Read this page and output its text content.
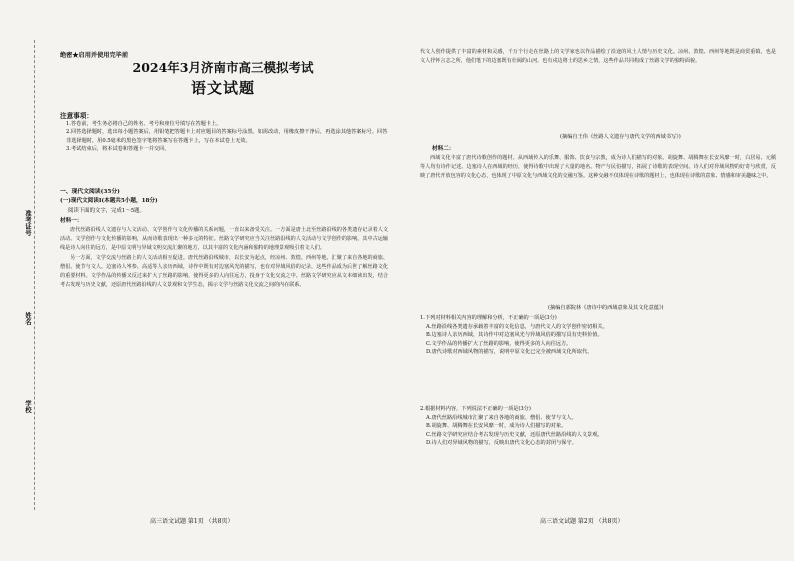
准考证号
姓名
学校
绝密★启用并使用完毕前
2024年3月济南市高三模拟考试
语文试题
注意事项：

1.答卷前，考生务必将自己的姓名、考号和座位号填写在答题卡上。

2.回答选择题时，选出每小题答案后，用铅笔把答题卡上对应题目的答案标号涂黑。如需改动，用橡皮擦干净后，再选涂其他答案标号。回答非选择题时，用0.5毫米的黑色签字笔将答案写在答题卡上，写在本试卷上无效。

3.考试结束后，将本试卷和答题卡一并交回。

一、现代文阅读(35分)
(一)现代文阅读Ⅰ(本题共5小题，18分)
阅读下面的文字，完成1～5题。
材料一：
唐代丝路沿线人文遗存与人文活动、文学创作与文化传播的关系问题，一直以来备受关注。一方面是唐土北至丝路沿线的各类遗存记录着人文活动、文学创作与文化传播的影响，从而诗歌表现出一种多元的特征。丝路文学研究应当关注丝路沿线的人文活动与文学创作的影响。其中古运输线是诗人向往的远方，是中原文明与异域文明交流汇聚的地方，以其丰富的文化内涵和独特的地理景观吸引着文人们。
另一方面，文学交流与丝路上的人文活动相互促进。唐代丝路沿线城市，以长安为起点，经凉州、敦煌、西州等地，汇聚了来自各地的商旅、僧侣、使节与文人。边塞诗人岑参、高适等人亲历西域，诗作中既有对边塞风光的描写，也有对异域风俗的记录，这些作品成为后世了解丝路文化的重要材料。文学作品的传播又反过来扩大了丝路的影响，使得更多的人向往远方，投身于文化交流之中。丝路文学研究应从文本细读出发，结合考古发现与历史文献，还原唐代丝路沿线的人文景观和文学生态，揭示文学与丝路文化交流之间的内在联系。
代文人创作提供了丰富的素材和灵感，千万个行走在丝路上的文学家也以作品描绘了沿途的风土人情与历史文化。凉州、敦煌、西州等地既是商贸重镇，也是文人抒怀言志之所，他们笔下的边塞既有壮阔的山河，也有戍边将士的思乡之情，这些作品共同构成了丝路文学的独特面貌。
(摘编自王伟《丝路人文遗存与唐代文学的西域书写》)
材料二：
西域文化丰富了唐代诗歌创作的题材。从西域传入的乐舞、服饰、饮食与宗教，成为诗人们描写的对象。胡旋舞、胡腾舞在长安风靡一时，白居易、元稹等人均有诗作记述。边塞诗人在西域的经历，使得诗歌中出现了大量的地名、物产与民俗描写，拓展了诗歌的表现空间。诗人们对异域风物的好奇与欣赏，反映了唐代开放包容的文化心态，也体现了中原文化与西域文化的交融互鉴。这种交融不仅体现在诗歌的题材上，也体现在诗歌的意象、情感和审美趣味之中。
(摘编自郭院林《唐诗中的西域意象及其文化意蕴》)
1.下列对材料相关内容的理解和分析，不正确的一项是(3分)
A.丝路沿线各类遗存承载着丰富的文化信息，与唐代文人的文学创作密切相关。
B.边塞诗人亲历西域，其诗作中对边塞风光与异域风俗的描写具有史料价值。
C.文学作品的传播扩大了丝路的影响，使得更多的人向往远方。
D.唐代诗歌对西域风物的描写，说明中原文化已完全被西域文化所取代。
2.根据材料内容，下列说法不正确的一项是(3分)
A.唐代丝路沿线城市汇聚了来自各地的商旅、僧侣、使节与文人。
B.胡旋舞、胡腾舞在长安风靡一时，成为诗人们描写的对象。
C.丝路文学研究应结合考古发现与历史文献，还原唐代丝路沿线的人文景观。
D.诗人们对异域风物的描写，反映出唐代文化心态的封闭与保守。
高三语文试题 第1页 （共8页）	高三语文试题 第2页 （共8页）
